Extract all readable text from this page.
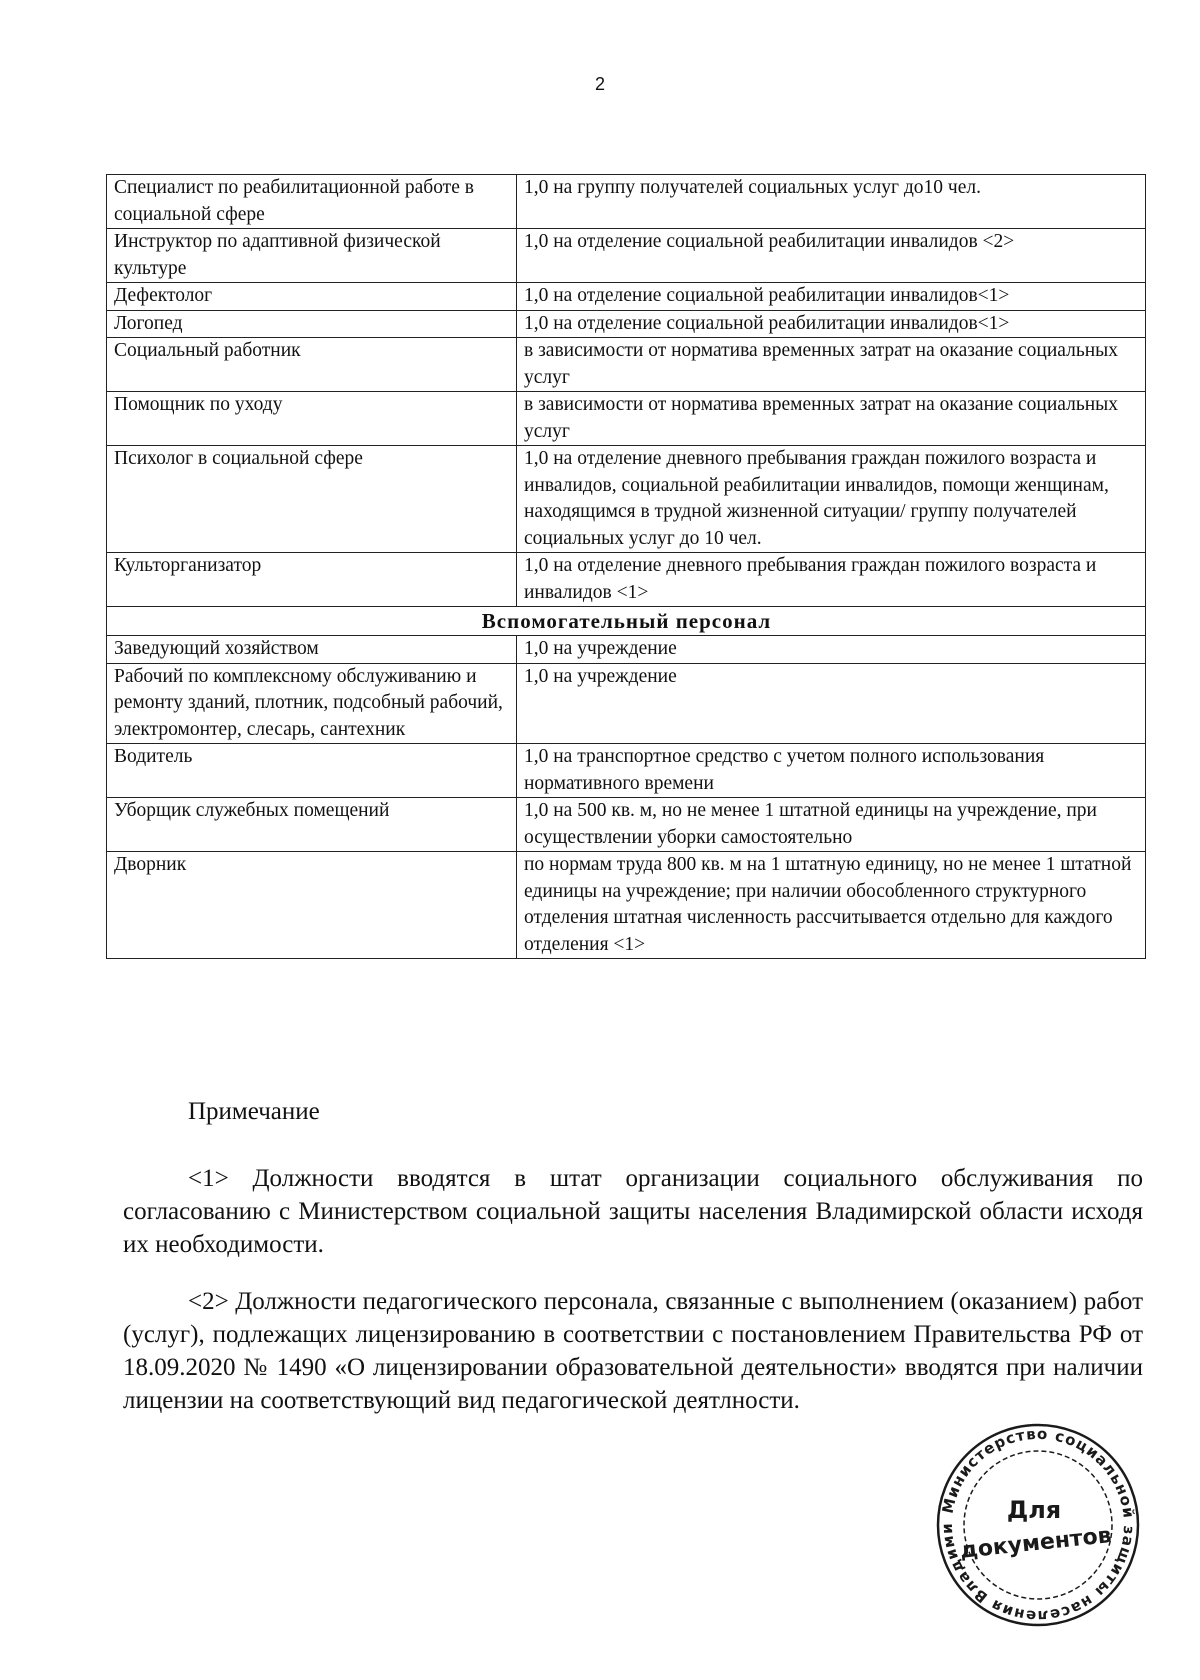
2
Специалист по реабилитационной работе в социальной сфере	1,0 на группу получателей социальных услуг до10 чел.
Инструктор по адаптивной физической культуре	1,0 на отделение социальной реабилитации инвалидов <2>
Дефектолог	1,0 на отделение социальной реабилитации инвалидов<1>
Логопед	1,0 на отделение социальной реабилитации инвалидов<1>
Социальный работник	в зависимости от норматива временных затрат на оказание социальных услуг
Помощник по уходу	в зависимости от норматива временных затрат на оказание социальных услуг
Психолог в социальной сфере	1,0 на отделение дневного пребывания граждан пожилого возраста и инвалидов, социальной реабилитации инвалидов, помощи женщинам, находящимся в трудной жизненной ситуации/ группу получателей социальных услуг до 10 чел.
Культорганизатор	1,0 на отделение дневного пребывания граждан пожилого возраста и инвалидов <1>
Вспомогательный персонал	
Заведующий хозяйством	1,0 на учреждение
Рабочий по комплексному обслуживанию и ремонту зданий, плотник, подсобный рабочий, электромонтер, слесарь, сантехник	1,0 на учреждение
Водитель	1,0 на транспортное средство с учетом полного использования нормативного времени
Уборщик служебных помещений	1,0 на 500 кв. м, но не менее 1 штатной единицы на учреждение, при осуществлении уборки самостоятельно
Дворник	по нормам труда 800 кв. м на 1 штатную единицу, но не менее 1 штатной единицы на учреждение; при наличии обособленного структурного отделения штатная численность рассчитывается отдельно для каждого отделения <1>
Примечание
<1> Должности вводятся в штат организации социального обслуживания по согласованию с Министерством социальной защиты населения Владимирской области исходя их необходимости.
<2> Должности педагогического персонала, связанные с выполнением (оказанием) работ (услуг), подлежащих лицензированию в соответствии с постановлением Правительства РФ от 18.09.2020 № 1490 «О лицензировании образовательной деятельности» вводятся при наличии лицензии на соответствующий вид педагогической деятлности.
Министерство социальной защиты населения Владими
Для
документов
